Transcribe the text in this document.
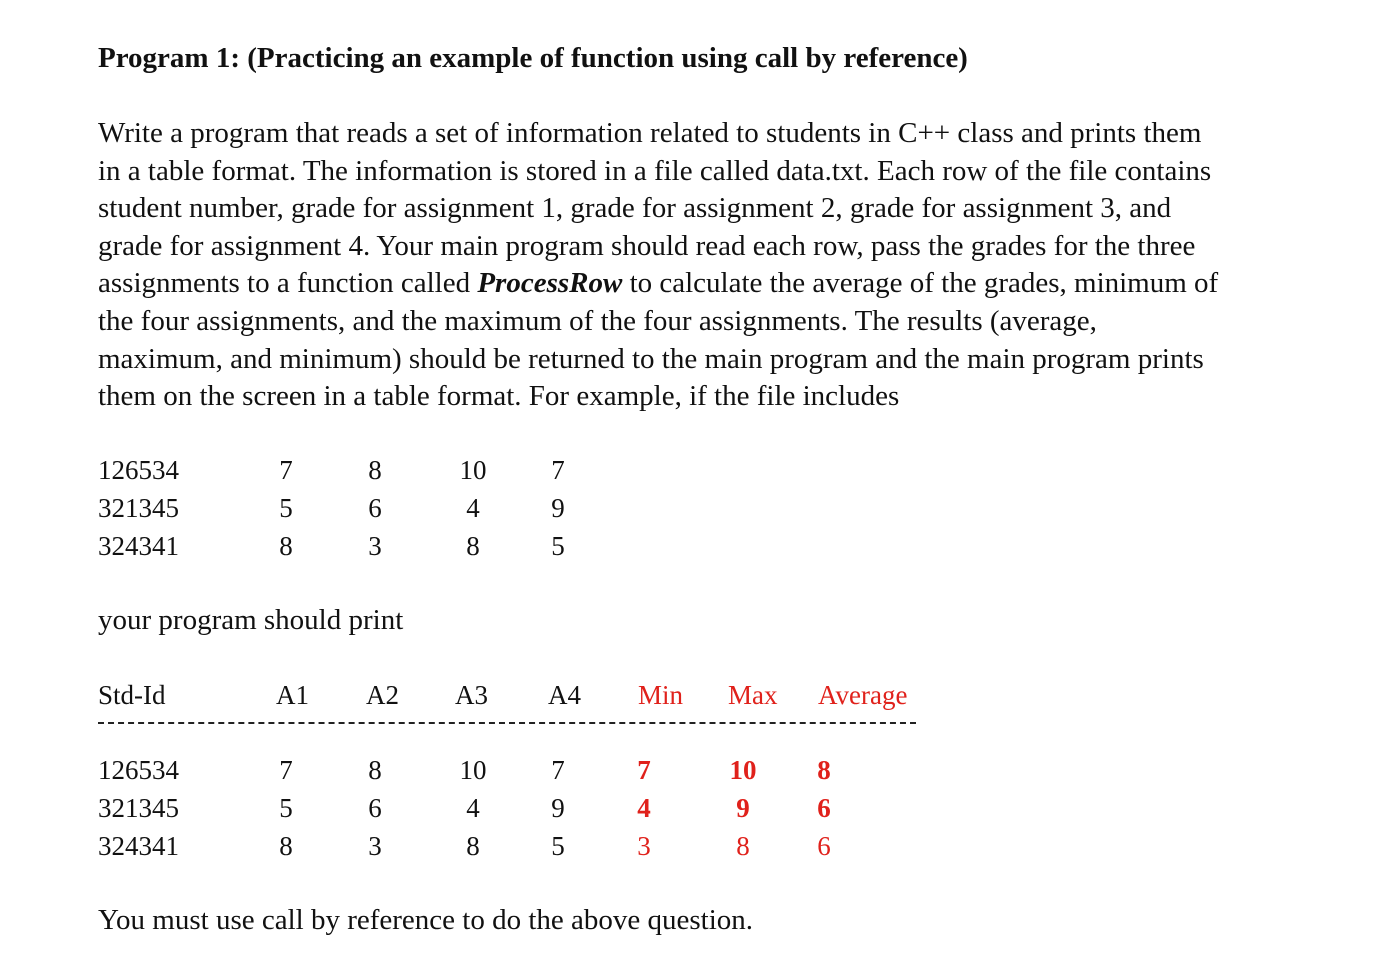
Program 1: (Practicing an example of function using call by reference)
Write a program that reads a set of information related to students in C++ class and prints them
in a table format. The information is stored in a file called data.txt. Each row of the file contains
student number, grade for assignment 1, grade for assignment 2, grade for assignment 3, and
grade for assignment 4. Your main program should read each row, pass the grades for the three
assignments to a function called ProcessRow to calculate the average of the grades, minimum of
the four assignments, and the maximum of the four assignments. The results (average,
maximum, and minimum) should be returned to the main program and the main program prints
them on the screen in a table format. For example, if the file includes
126534	7	8	10 7
321345	5	6	4	9
324341	8	3	8	5
your program should print
Std-Id	A1 A2 A3 A4 Min Max Average
126534	7	8	10 7	7	10 8
321345	5	6	4	9	4	9	6
324341	8	3	8	5	3	8	6
You must use call by reference to do the above question.
